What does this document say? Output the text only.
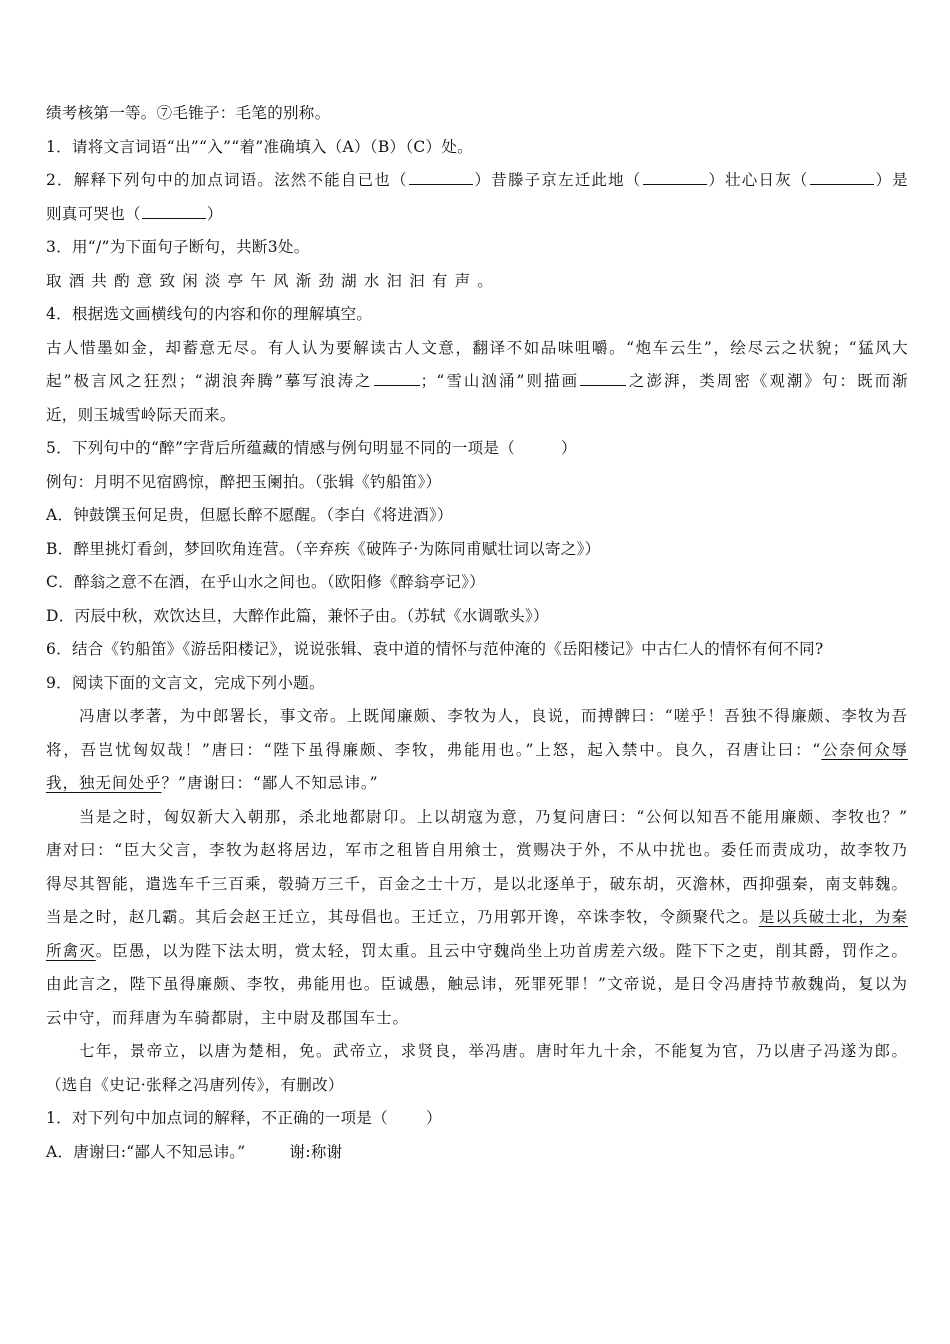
绩考核第一等。⑦毛锥子：毛笔的别称。
1．请将文言词语“出”“入”“着”准确填入（A）（B）（C）处。
2．解释下列句中的加点词语。泫然不能自已也（	）昔滕子京左迁此地（	）壮心日灰（	）是
则真可哭也（	）
3．用“/”为下面句子断句，共断3处。
取酒共酌意致闲淡亭午风渐劲湖水汩汩有声。
4．根据选文画横线句的内容和你的理解填空。
古人惜墨如金，却蓄意无尽。有人认为要解读古人文意，翻译不如品味咀嚼。“炮车云生”，绘尽云之状貌；“猛风大
起”极言风之狂烈；“湖浪奔腾”摹写浪涛之	；“雪山汹涌”则描画	之澎湃，类周密《观潮》句：既而渐
近，则玉城雪岭际天而来。
5．下列句中的“醉”字背后所蕴藏的情感与例句明显不同的一项是（	）
例句：月明不见宿鸥惊，醉把玉阑拍。（张辑《钓船笛》）
A．钟鼓馔玉何足贵，但愿长醉不愿醒。（李白《将进酒》）
B．醉里挑灯看剑，梦回吹角连营。（辛弃疾《破阵子·为陈同甫赋壮词以寄之》）
C．醉翁之意不在酒，在乎山水之间也。（欧阳修《醉翁亭记》）
D．丙辰中秋，欢饮达旦，大醉作此篇，兼怀子由。（苏轼《水调歌头》）
6．结合《钓船笛》《游岳阳楼记》，说说张辑、袁中道的情怀与范仲淹的《岳阳楼记》中古仁人的情怀有何不同?
9．阅读下面的文言文，完成下列小题。
冯唐以孝著，为中郎署长，事文帝。上既闻廉颇、李牧为人，良说，而搏髀曰：“嗟乎！吾独不得廉颇、李牧为吾
将，吾岂忧匈奴哉！”唐曰：“陛下虽得廉颇、李牧，弗能用也。”上怒，起入禁中。良久，召唐让曰：“公奈何众辱
我，独无间处乎？”唐谢曰：“鄙人不知忌讳。”
当是之时，匈奴新大入朝那，杀北地都尉卬。上以胡寇为意，乃复问唐曰：“公何以知吾不能用廉颇、李牧也？”
唐对曰：“臣大父言，李牧为赵将居边，军市之租皆自用飨士，赏赐决于外，不从中扰也。委任而责成功，故李牧乃
得尽其智能，遣选车千三百乘，彀骑万三千，百金之士十万，是以北逐单于，破东胡，灭澹林，西抑强秦，南支韩魏。
当是之时，赵几霸。其后会赵王迁立，其母倡也。王迁立，乃用郭开谗，卒诛李牧，令颜聚代之。是以兵破士北，为秦
所禽灭。臣愚，以为陛下法太明，赏太轻，罚太重。且云中守魏尚坐上功首虏差六级。陛下下之吏，削其爵，罚作之。
由此言之，陛下虽得廉颇、李牧，弗能用也。臣诚愚，触忌讳，死罪死罪！”文帝说，是日令冯唐持节赦魏尚，复以为
云中守，而拜唐为车骑都尉，主中尉及郡国车士。
七年，景帝立，以唐为楚相，免。武帝立，求贤良，举冯唐。唐时年九十余，不能复为官，乃以唐子冯遂为郎。
（选自《史记·张释之冯唐列传》，有删改）
1．对下列句中加点词的解释，不正确的一项是（ ）
A．唐谢曰:“鄙人不知忌讳。”	谢:称谢
